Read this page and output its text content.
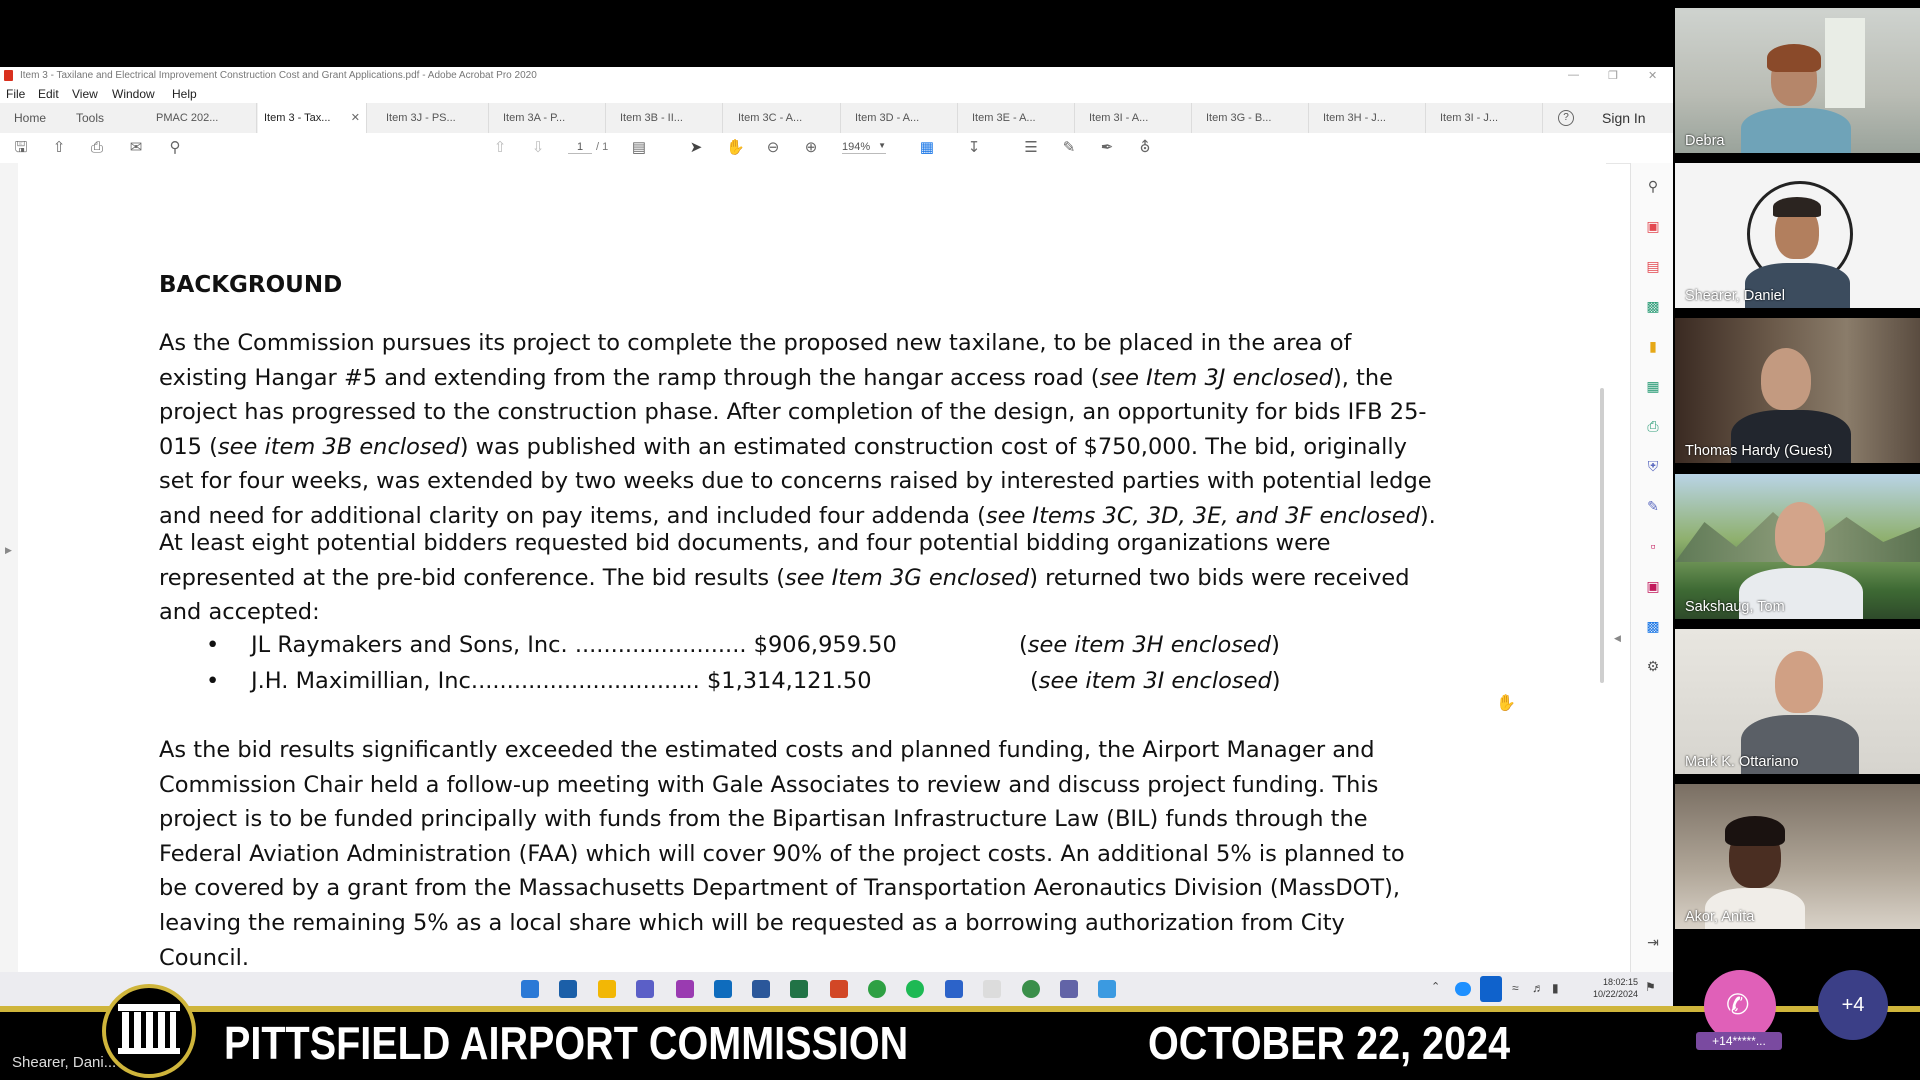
Item 3 - Taxilane and Electrical Improvement Construction Cost and Grant Applications.pdf - Adobe Acrobat Pro 2020	—	❐	✕
File Edit View Window Help
Home	Tools	PMAC 202...	Item 3 - Tax... ✕	Item 3J - PS...	Item 3A - P...	Item 3B - II...	Item 3C - A...	Item 3D - A...	Item 3E - A...	Item 3I - A...	Item 3G - B...	Item 3H - J...	Item 3I - J...	?	Sign In
🖫 ⇧ ⎙ ✉ ⚲	⇧ ⇩	1	/ 1 ▤	➤ ✋ ⊖ ⊕ 194% ▼ ▦ ↧	☰ ✎ ✒ ⛢
▶
BACKGROUND
As the Commission pursues its project to complete the proposed new taxilane, to be placed in the area of
existing Hangar #5 and extending from the ramp through the hangar access road (see Item 3J enclosed), the
project has progressed to the construction phase. After completion of the design, an opportunity for bids IFB 25-
015 (see item 3B enclosed) was published with an estimated construction cost of $750,000. The bid, originally
set for four weeks, was extended by two weeks due to concerns raised by interested parties with potential ledge
and need for additional clarity on pay items, and included four addenda (see Items 3C, 3D, 3E, and 3F enclosed).
At least eight potential bidders requested bid documents, and four potential bidding organizations were
represented at the pre-bid conference. The bid results (see Item 3G enclosed) returned two bids were received
and accepted:
• JL Raymakers and Sons, Inc. ........................ $906,959.50	(see item 3H enclosed)
• J.H. Maximillian, Inc................................ $1,314,121.50	(see item 3I enclosed)
As the bid results significantly exceeded the estimated costs and planned funding, the Airport Manager and
Commission Chair held a follow-up meeting with Gale Associates to review and discuss project funding. This
project is to be funded principally with funds from the Bipartisan Infrastructure Law (BIL) funds through the
Federal Aviation Administration (FAA) which will cover 90% of the project costs. An additional 5% is planned to
be covered by a grant from the Massachusetts Department of Transportation Aeronautics Division (MassDOT),
leaving the remaining 5% as a local share which will be requested as a borrowing authorization from City
Council.
✋
◀
⚲
▣
▤
▩
▮
▦
⎙
⛨
✎
▫
▣
▩
⚙
⇥
⌃	≈ ♬ ▮	18:02:15
10/22/2024 ⚑
Debra
Shearer, Daniel
Thomas Hardy (Guest)
Sakshaug, Tom
Mark K. Ottariano
Akor, Anita
PITTSFIELD AIRPORT COMMISSION	OCTOBER 22, 2024
Shearer, Dani...
✆
+14*****...
+4
